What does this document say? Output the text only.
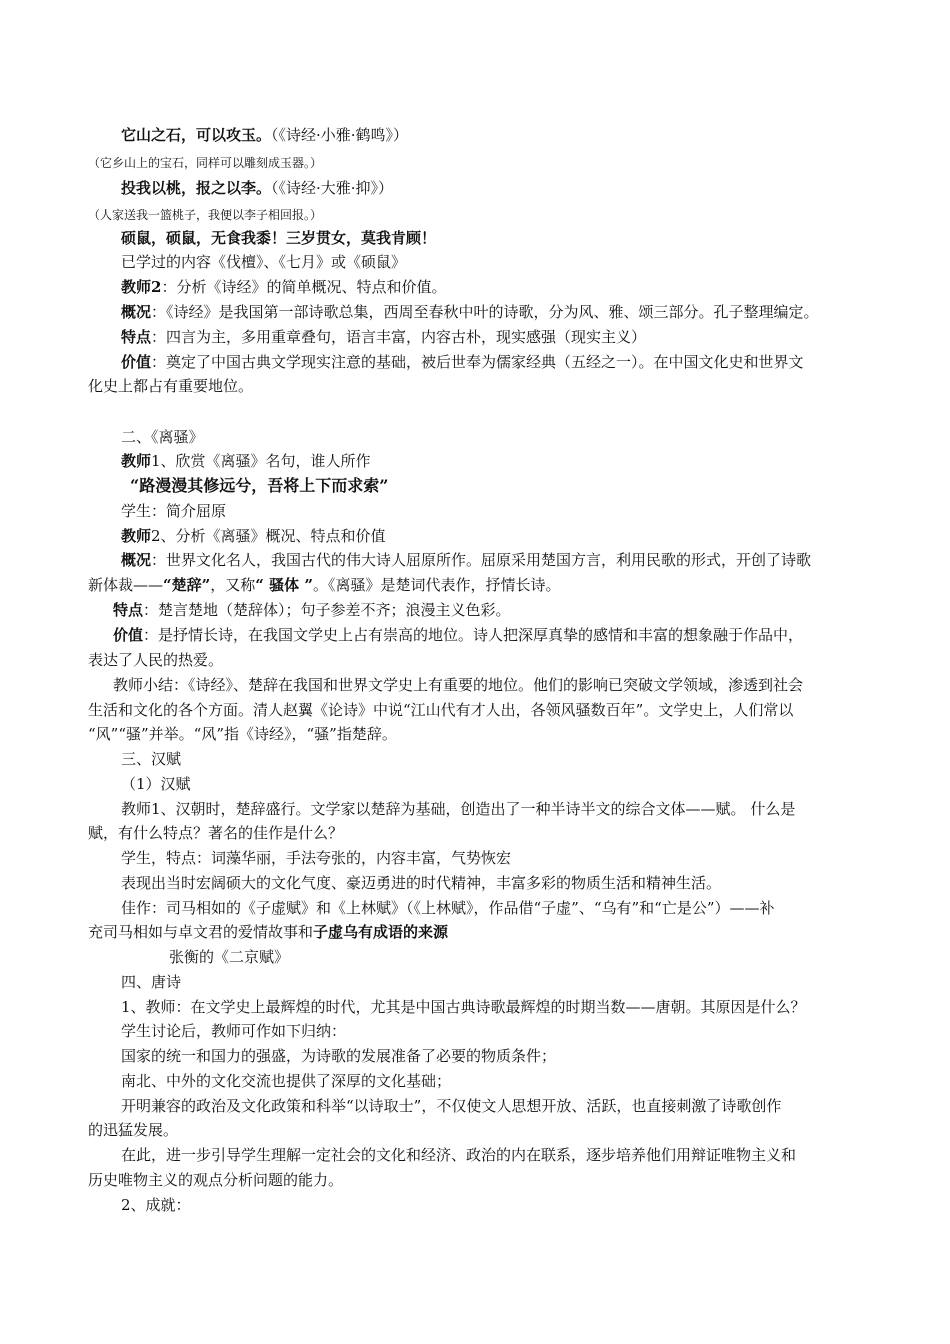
它山之石，可以攻玉。（《诗经·小雅·鹤鸣》）
（它乡山上的宝石，同样可以雕刻成玉器。）
投我以桃，报之以李。（《诗经·大雅·抑》）
（人家送我一篮桃子，我便以李子相回报。）
硕鼠，硕鼠，无食我黍！三岁贯女，莫我肯顾！
已学过的内容《伐檀》、《七月》或《硕鼠》
教师2：分析《诗经》的简单概况、特点和价值。
概况：《诗经》是我国第一部诗歌总集，西周至春秋中叶的诗歌，分为风、雅、颂三部分。孔子整理编定。
特点：四言为主，多用重章叠句，语言丰富，内容古朴，现实感强（现实主义）
价值：奠定了中国古典文学现实注意的基础，被后世奉为儒家经典（五经之一）。在中国文化史和世界文
化史上都占有重要地位。
二、《离骚》
教师1、欣赏《离骚》名句，谁人所作
“路漫漫其修远兮，吾将上下而求索”
学生：简介屈原
教师2、分析《离骚》概况、特点和价值
概况：世界文化名人，我国古代的伟大诗人屈原所作。屈原采用楚国方言，利用民歌的形式，开创了诗歌
新体裁——“楚辞”，又称“ 骚体 ”。《离骚》是楚词代表作，抒情长诗。
特点：楚言楚地（楚辞体）；句子参差不齐；浪漫主义色彩。
价值：是抒情长诗，在我国文学史上占有崇高的地位。诗人把深厚真挚的感情和丰富的想象融于作品中，
表达了人民的热爱。
教师小结：《诗经》、楚辞在我国和世界文学史上有重要的地位。他们的影响已突破文学领域，渗透到社会
生活和文化的各个方面。清人赵翼《论诗》中说“江山代有才人出，各领风骚数百年”。文学史上，人们常以
“风”“骚”并举。“风”指《诗经》，“骚”指楚辞。
三、汉赋
（1）汉赋
教师1、汉朝时，楚辞盛行。文学家以楚辞为基础，创造出了一种半诗半文的综合文体——赋。 什么是
赋，有什么特点？著名的佳作是什么？
学生，特点：词藻华丽，手法夸张的，内容丰富，气势恢宏
表现出当时宏阔硕大的文化气度、豪迈勇进的时代精神，丰富多彩的物质生活和精神生活。
佳作：司马相如的《子虚赋》和《上林赋》（《上林赋》，作品借“子虚”、“乌有”和“亡是公”）——补
充司马相如与卓文君的爱情故事和子虚乌有成语的来源
张衡的《二京赋》
四、唐诗
1、教师：在文学史上最辉煌的时代，尤其是中国古典诗歌最辉煌的时期当数——唐朝。其原因是什么？
学生讨论后，教师可作如下归纳：
国家的统一和国力的强盛，为诗歌的发展准备了必要的物质条件；
南北、中外的文化交流也提供了深厚的文化基础；
开明兼容的政治及文化政策和科举“以诗取士”，不仅使文人思想开放、活跃，也直接刺激了诗歌创作
的迅猛发展。
在此，进一步引导学生理解一定社会的文化和经济、政治的内在联系，逐步培养他们用辩证唯物主义和
历史唯物主义的观点分析问题的能力。
2、成就：
